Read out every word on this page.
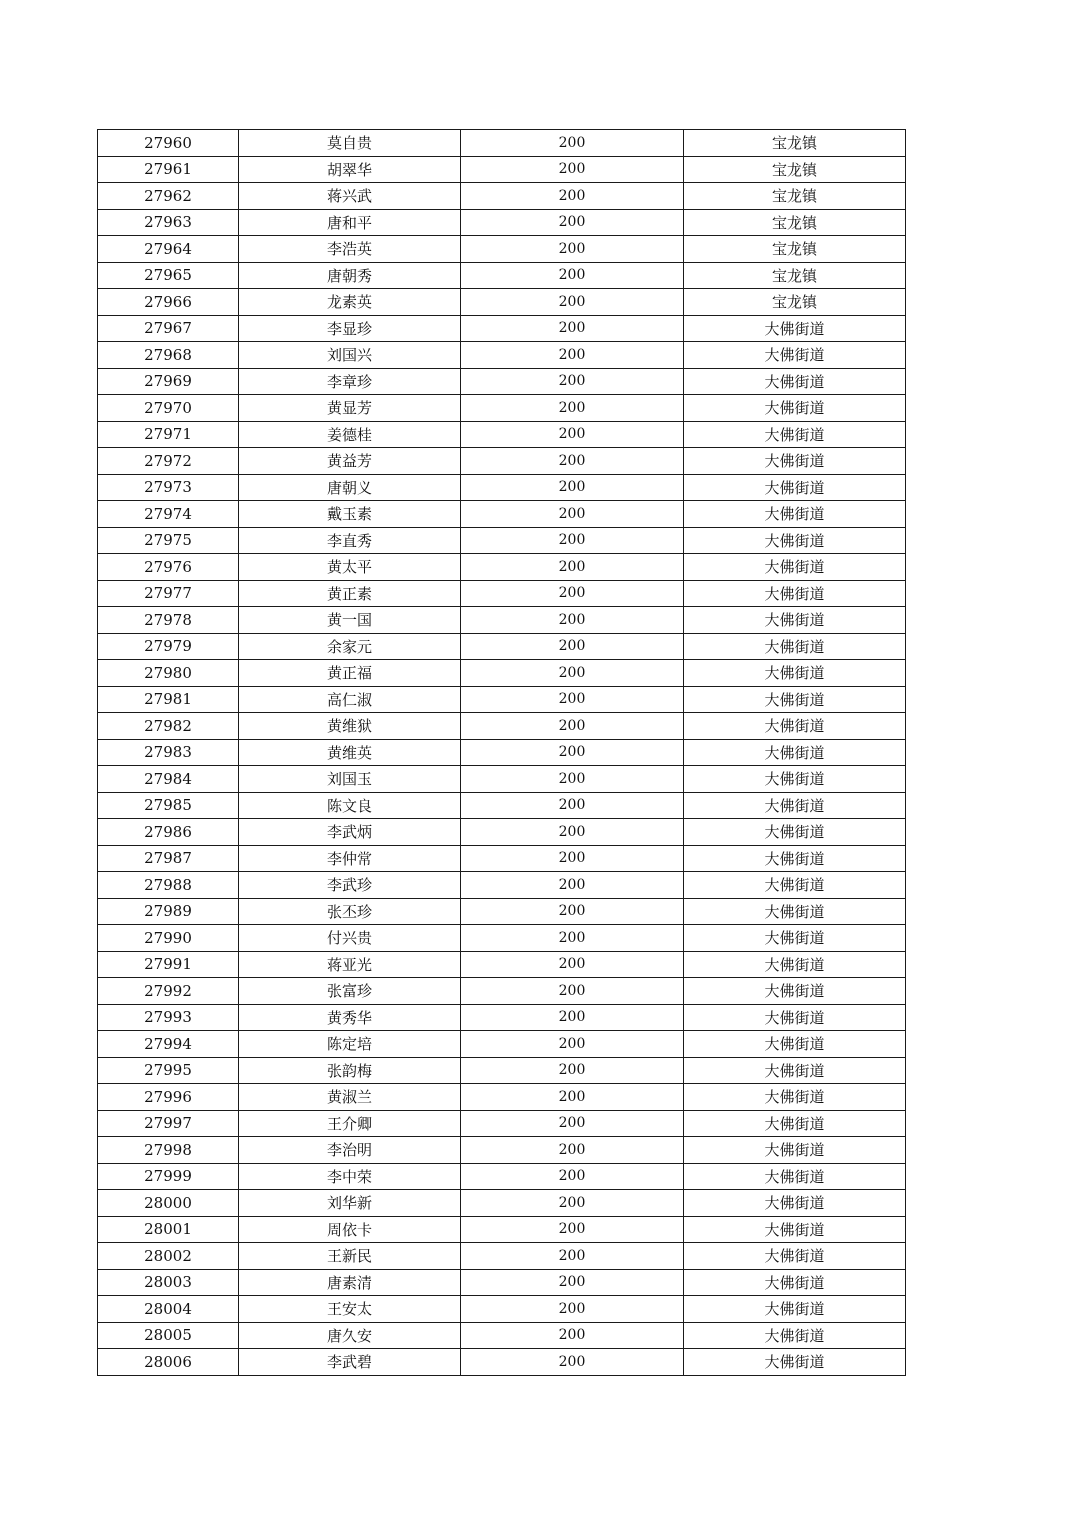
27960	莫自贵	200	宝龙镇
27961	胡翠华	200	宝龙镇
27962	蒋兴武	200	宝龙镇
27963	唐和平	200	宝龙镇
27964	李浩英	200	宝龙镇
27965	唐朝秀	200	宝龙镇
27966	龙素英	200	宝龙镇
27967	李显珍	200	大佛街道
27968	刘国兴	200	大佛街道
27969	李章珍	200	大佛街道
27970	黄显芳	200	大佛街道
27971	姜德桂	200	大佛街道
27972	黄益芳	200	大佛街道
27973	唐朝义	200	大佛街道
27974	戴玉素	200	大佛街道
27975	李直秀	200	大佛街道
27976	黄太平	200	大佛街道
27977	黄正素	200	大佛街道
27978	黄一国	200	大佛街道
27979	余家元	200	大佛街道
27980	黄正福	200	大佛街道
27981	高仁淑	200	大佛街道
27982	黄维狱	200	大佛街道
27983	黄维英	200	大佛街道
27984	刘国玉	200	大佛街道
27985	陈文良	200	大佛街道
27986	李武炳	200	大佛街道
27987	李仲常	200	大佛街道
27988	李武珍	200	大佛街道
27989	张丕珍	200	大佛街道
27990	付兴贵	200	大佛街道
27991	蒋亚光	200	大佛街道
27992	张富珍	200	大佛街道
27993	黄秀华	200	大佛街道
27994	陈定培	200	大佛街道
27995	张韵梅	200	大佛街道
27996	黄淑兰	200	大佛街道
27997	王介卿	200	大佛街道
27998	李治明	200	大佛街道
27999	李中荣	200	大佛街道
28000	刘华新	200	大佛街道
28001	周依卡	200	大佛街道
28002	王新民	200	大佛街道
28003	唐素清	200	大佛街道
28004	王安太	200	大佛街道
28005	唐久安	200	大佛街道
28006	李武碧	200	大佛街道
